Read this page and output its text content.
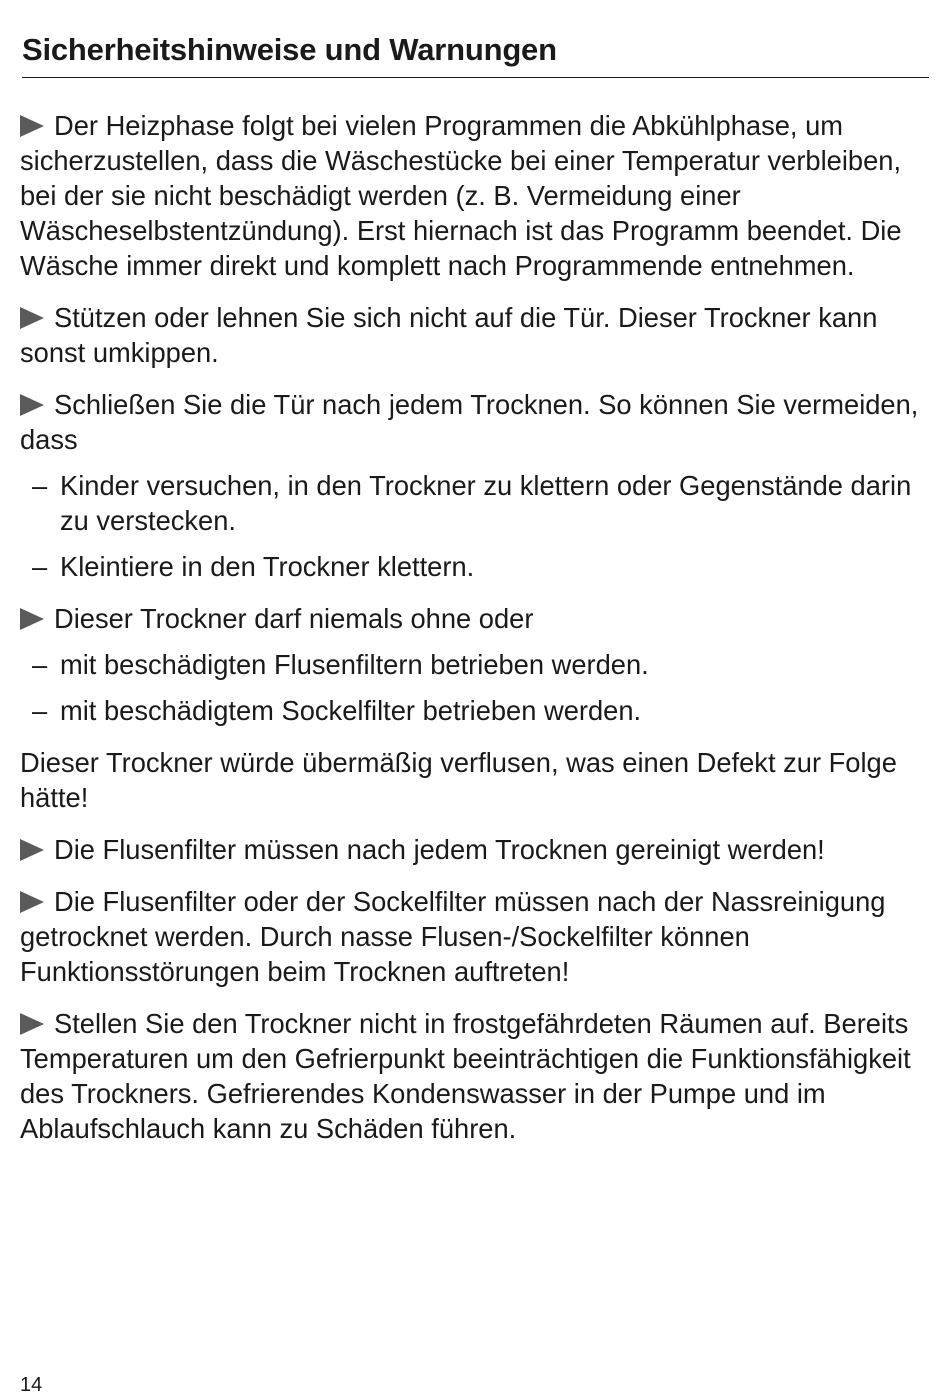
Sicherheitshinweise und Warnungen

Der Heizphase folgt bei vielen Programmen die Abkühlphase, um sicherzustellen, dass die Wäschestücke bei einer Temperatur verbleiben, bei der sie nicht beschädigt werden (z. B. Vermeidung einer Wäscheselbstentzündung). Erst hiernach ist das Programm beendet. Die Wäsche immer direkt und komplett nach Programmende entnehmen.

Stützen oder lehnen Sie sich nicht auf die Tür. Dieser Trockner kann sonst umkippen.

Schließen Sie die Tür nach jedem Trocknen. So können Sie vermeiden, dass

– Kinder versuchen, in den Trockner zu klettern oder Gegenstände darin zu verstecken.
– Kleintiere in den Trockner klettern.

Dieser Trockner darf niemals ohne oder

– mit beschädigten Flusenfiltern betrieben werden.
– mit beschädigtem Sockelfilter betrieben werden.

Dieser Trockner würde übermäßig verflusen, was einen Defekt zur Folge hätte!

Die Flusenfilter müssen nach jedem Trocknen gereinigt werden!

Die Flusenfilter oder der Sockelfilter müssen nach der Nassreinigung getrocknet werden. Durch nasse Flusen-/Sockelfilter können Funktionsstörungen beim Trocknen auftreten!

Stellen Sie den Trockner nicht in frostgefährdeten Räumen auf. Bereits Temperaturen um den Gefrierpunkt beeinträchtigen die Funktionsfähigkeit des Trockners. Gefrierendes Kondenswasser in der Pumpe und im Ablaufschlauch kann zu Schäden führen.

14
